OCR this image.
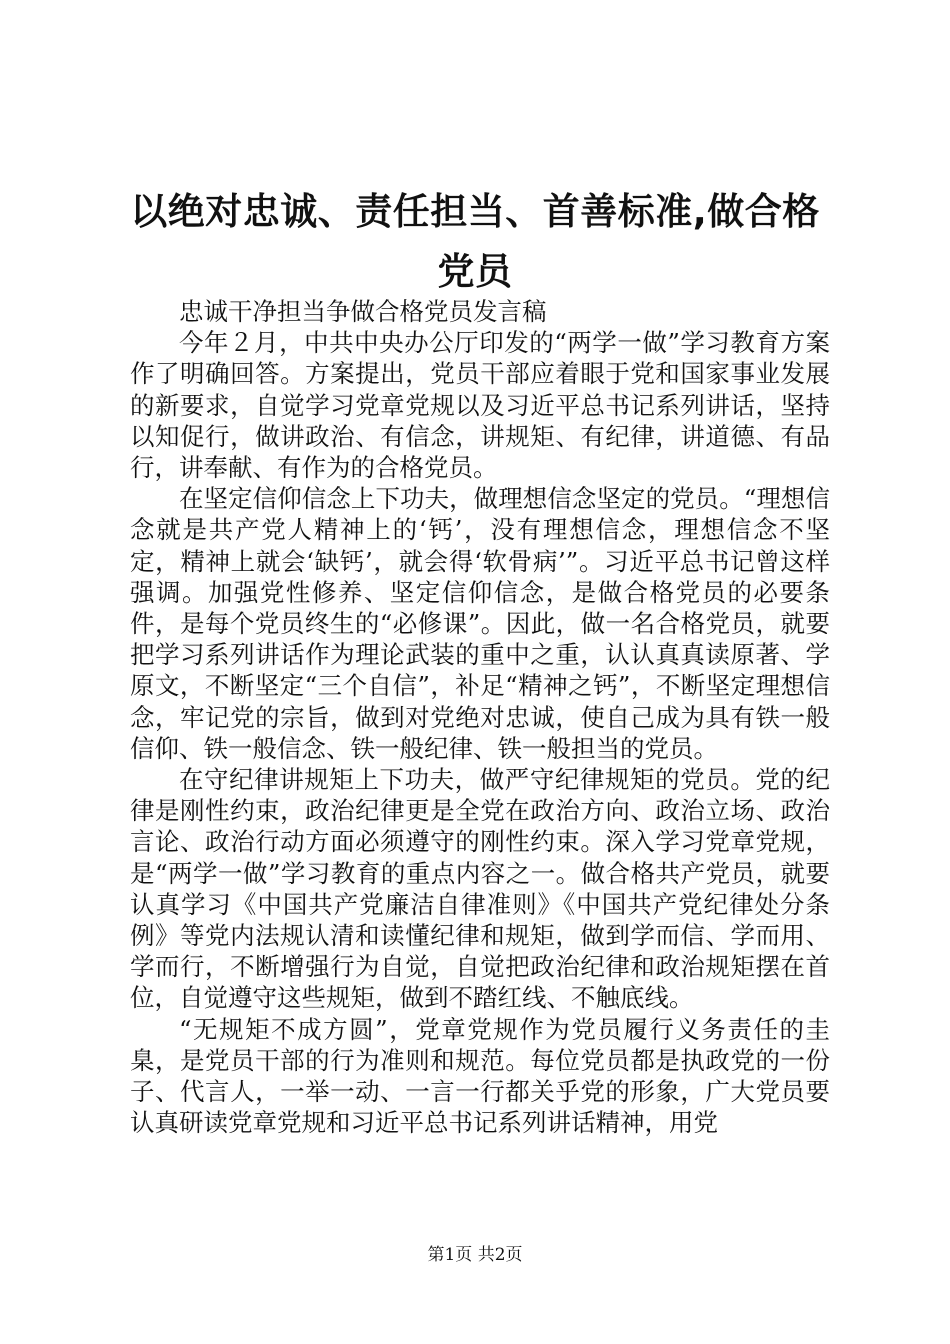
以绝对忠诚、责任担当、首善标准,做合格党员

忠诚干净担当争做合格党员发言稿

今年２月，中共中央办公厅印发的“两学一做”学习教育方案作了明确回答。方案提出，党员干部应着眼于党和国家事业发展的新要求，自觉学习党章党规以及习近平总书记系列讲话，坚持以知促行，做讲政治、有信念，讲规矩、有纪律，讲道德、有品行，讲奉献、有作为的合格党员。

在坚定信仰信念上下功夫，做理想信念坚定的党员。“理想信念就是共产党人精神上的‘钙’，没有理想信念，理想信念不坚定，精神上就会‘缺钙’，就会得‘软骨病’”。习近平总书记曾这样强调。加强党性修养、坚定信仰信念，是做合格党员的必要条件，是每个党员终生的“必修课”。因此，做一名合格党员，就要把学习系列讲话作为理论武装的重中之重，认认真真读原著、学原文，不断坚定“三个自信”，补足“精神之钙”，不断坚定理想信念，牢记党的宗旨，做到对党绝对忠诚，使自己成为具有铁一般信仰、铁一般信念、铁一般纪律、铁一般担当的党员。

在守纪律讲规矩上下功夫，做严守纪律规矩的党员。党的纪律是刚性约束，政治纪律更是全党在政治方向、政治立场、政治言论、政治行动方面必须遵守的刚性约束。深入学习党章党规，是“两学一做”学习教育的重点内容之一。做合格共产党员，就要认真学习《中国共产党廉洁自律准则》《中国共产党纪律处分条例》等党内法规认清和读懂纪律和规矩，做到学而信、学而用、学而行，不断增强行为自觉，自觉把政治纪律和政治规矩摆在首位，自觉遵守这些规矩，做到不踏红线、不触底线。

“无规矩不成方圆”，党章党规作为党员履行义务责任的圭臬，是党员干部的行为准则和规范。每位党员都是执政党的一份子、代言人，一举一动、一言一行都关乎党的形象，广大党员要认真研读党章党规和习近平总书记系列讲话精神，用党

第1页 共2页
